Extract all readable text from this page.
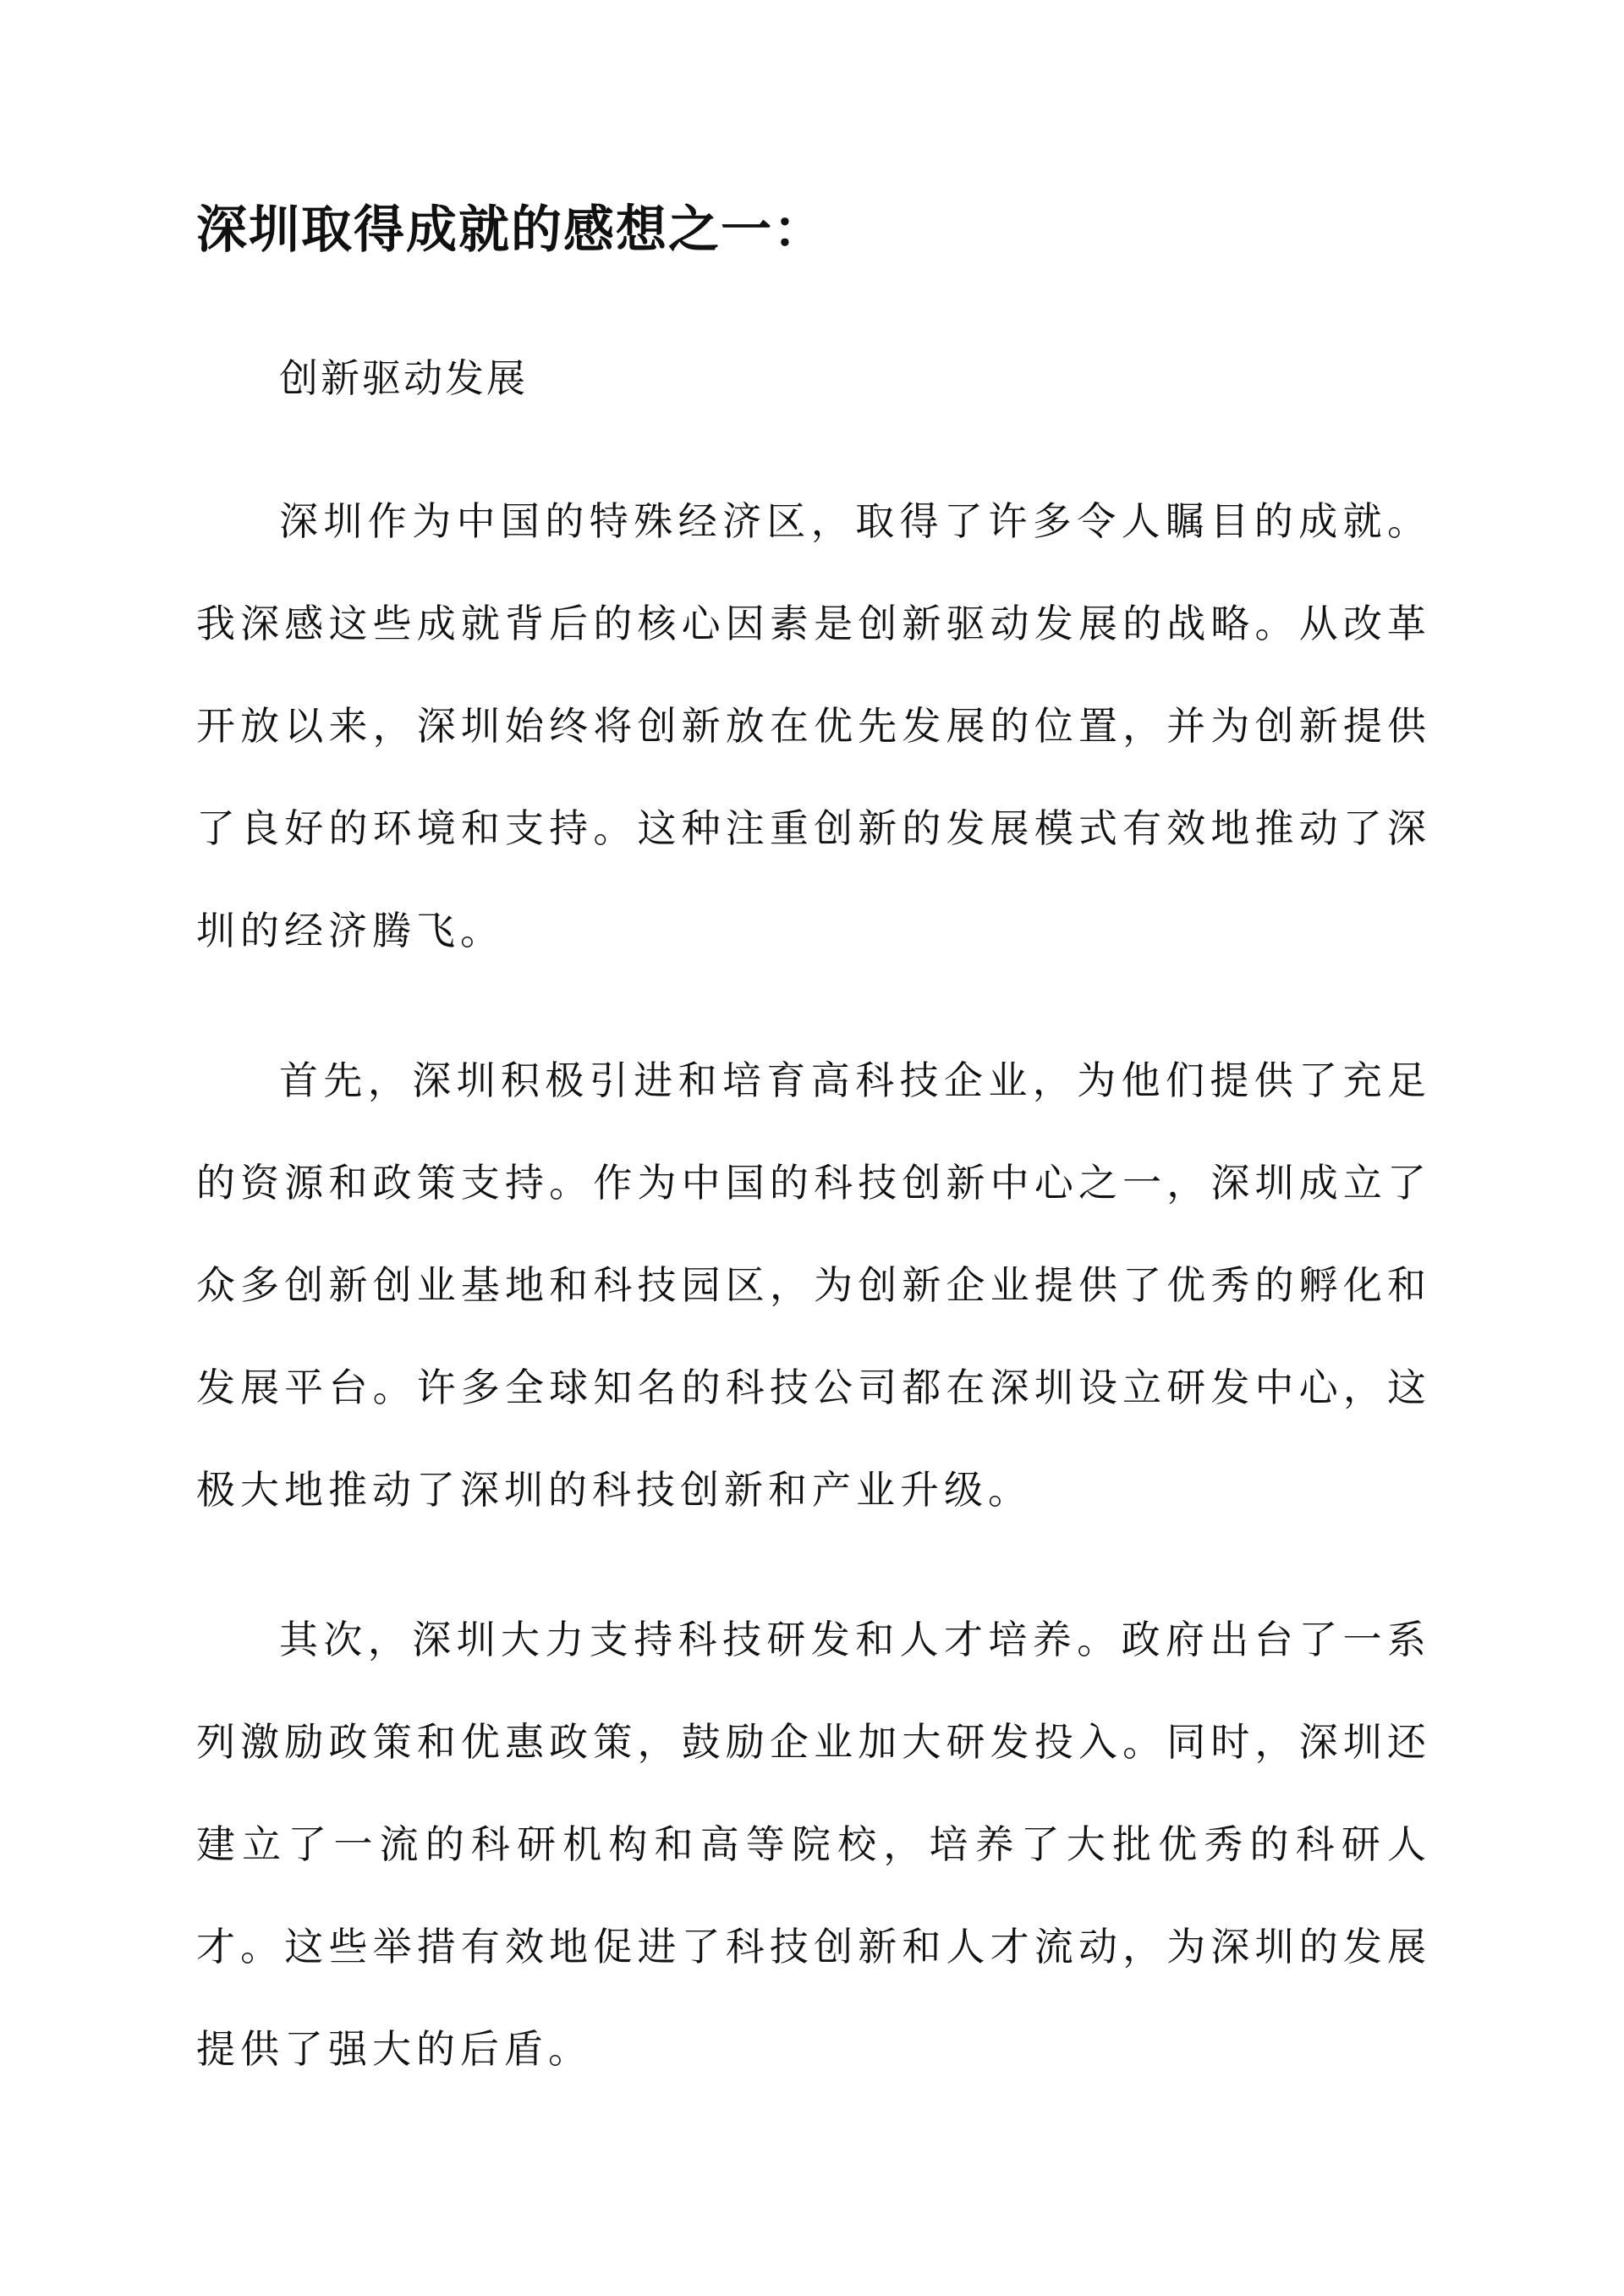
深圳取得成就的感想之一：

创新驱动发展

深圳作为中国的特殊经济区，取得了许多令人瞩目的成就。我深感这些成就背后的核心因素是创新驱动发展的战略。从改革开放以来，深圳始终将创新放在优先发展的位置，并为创新提供了良好的环境和支持。这种注重创新的发展模式有效地推动了深圳的经济腾飞。

首先，深圳积极引进和培育高科技企业，为他们提供了充足的资源和政策支持。作为中国的科技创新中心之一，深圳成立了众多创新创业基地和科技园区，为创新企业提供了优秀的孵化和发展平台。许多全球知名的科技公司都在深圳设立研发中心，这极大地推动了深圳的科技创新和产业升级。

其次，深圳大力支持科技研发和人才培养。政府出台了一系列激励政策和优惠政策，鼓励企业加大研发投入。同时，深圳还建立了一流的科研机构和高等院校，培养了大批优秀的科研人才。这些举措有效地促进了科技创新和人才流动，为深圳的发展提供了强大的后盾。
